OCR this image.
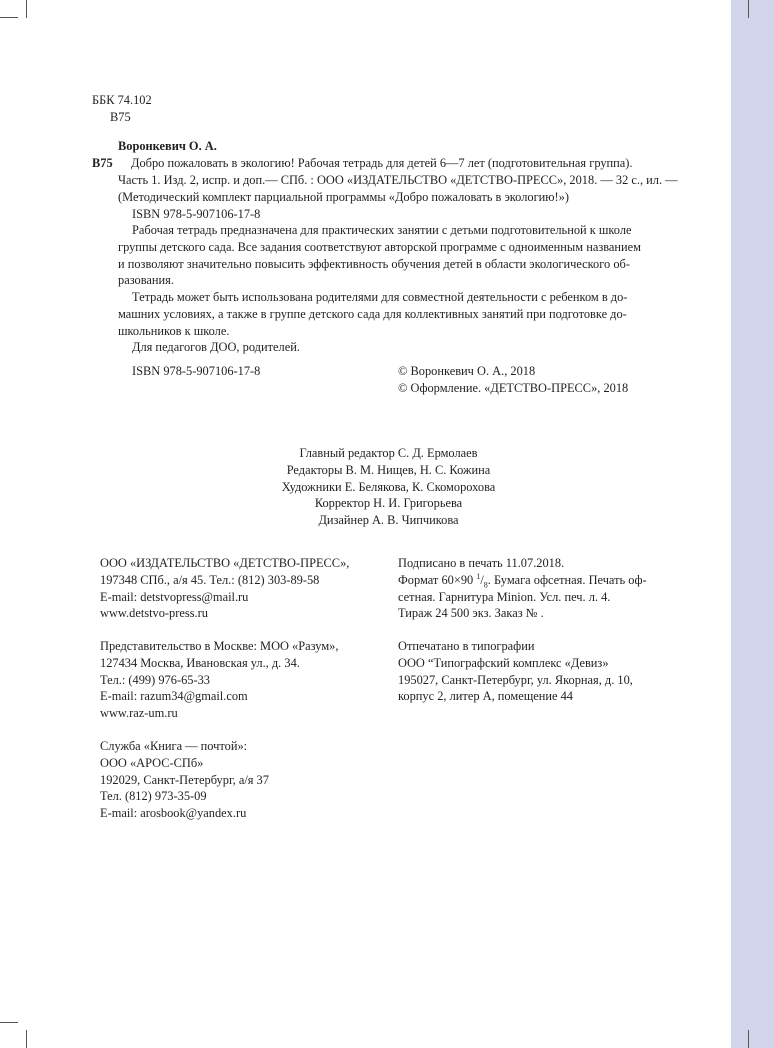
ББК 74.102
В75
Воронкевич О. А.
В75 Добро пожаловать в экологию! Рабочая тетрадь для детей 6—7 лет (подготовительная группа).
Часть 1. Изд. 2, испр. и доп.— СПб. : ООО «ИЗДАТЕЛЬСТВО «ДЕТСТВО-ПРЕСС», 2018. — 32 с., ил. —
(Методический комплект парциальной программы «Добро пожаловать в экологию!»)
ISBN 978-5-907106-17-8
Рабочая тетрадь предназначена для практических занятии с детьми подготовительной к школе
группы детского сада. Все задания соответствуют авторской программе с одноименным названием
и позволяют значительно повысить эффективность обучения детей в области экологического об-
разования.
Тетрадь может быть использована родителями для совместной деятельности с ребенком в до-
машних условиях, а также в группе детского сада для коллективных занятий при подготовке до-
школьников к школе.
Для педагогов ДОО, родителей.
ISBN 978-5-907106-17-8	© Воронкевич О. А., 2018
© Оформление. «ДЕТСТВО-ПРЕСС», 2018
Главный редактор С. Д. Ермолаев
Редакторы В. М. Нищев, Н. С. Кожина
Художники Е. Белякова, К. Скоморохова
Корректор Н. И. Григорьева
Дизайнер А. В. Чипчикова
ООО «ИЗДАТЕЛЬСТВО «ДЕТСТВО-ПРЕСС»,
197348 СПб., а/я 45. Тел.: (812) 303-89-58
E-mail: detstvopress@mail.ru
www.detstvo-press.ru
Представительство в Москве: МОО «Разум»,
127434 Москва, Ивановская ул., д. 34.
Тел.: (499) 976-65-33
E-mail: razum34@gmail.com
www.raz-um.ru
Служба «Книга — почтой»:
ООО «АРОС-СПб»
192029, Санкт-Петербург, а/я 37
Тел. (812) 973-35-09
E-mail: arosbook@yandex.ru
Подписано в печать 11.07.2018.
Формат 60×90 $^1/_8$. Бумага офсетная. Печать оф-
сетная. Гарнитура Minion. Усл. печ. л. 4.
Тираж 24 500 экз. Заказ № .
Отпечатано в типографии
ООО “Типографский комплекс «Девиз»
195027, Санкт-Петербург, ул. Якорная, д. 10,
корпус 2, литер А, помещение 44
